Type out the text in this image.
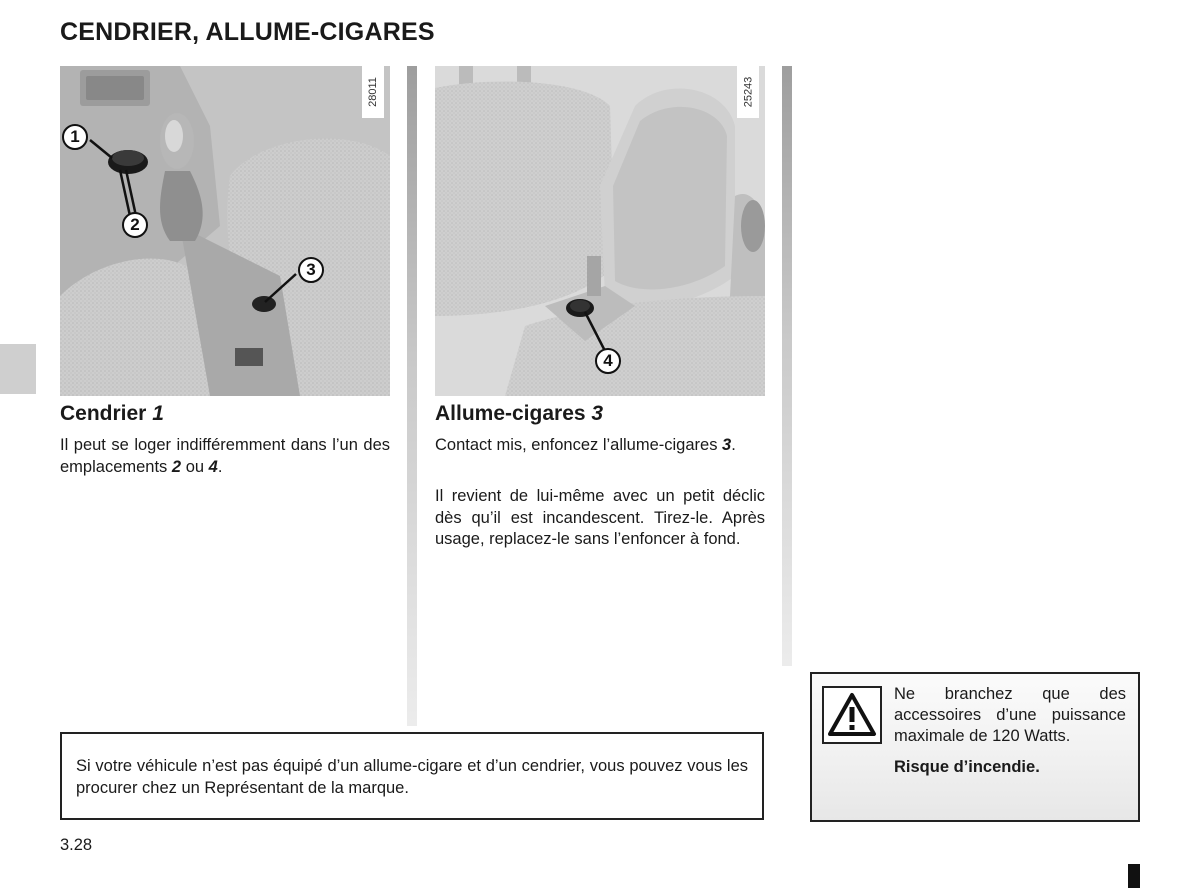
CENDRIER, ALLUME-CIGARES
28011
1
2
3
25243
4
Cendrier 1

Il peut se loger indifféremment dans l’un des emplacements 2 ou 4.

Allume-cigares 3

Contact mis, enfoncez l’allume-cigares 3.

Il revient de lui-même avec un petit déclic dès qu’il est incandescent. Tirez-le. Après usage, replacez-le sans l’enfoncer à fond.

Si votre véhicule n’est pas équipé d’un allume-cigare et d’un cendrier, vous pouvez vous les procurer chez un Représentant de la marque.

Ne branchez que des accessoires d’une puissance maximale de 120 Watts.

Risque d’incendie.

3.28
